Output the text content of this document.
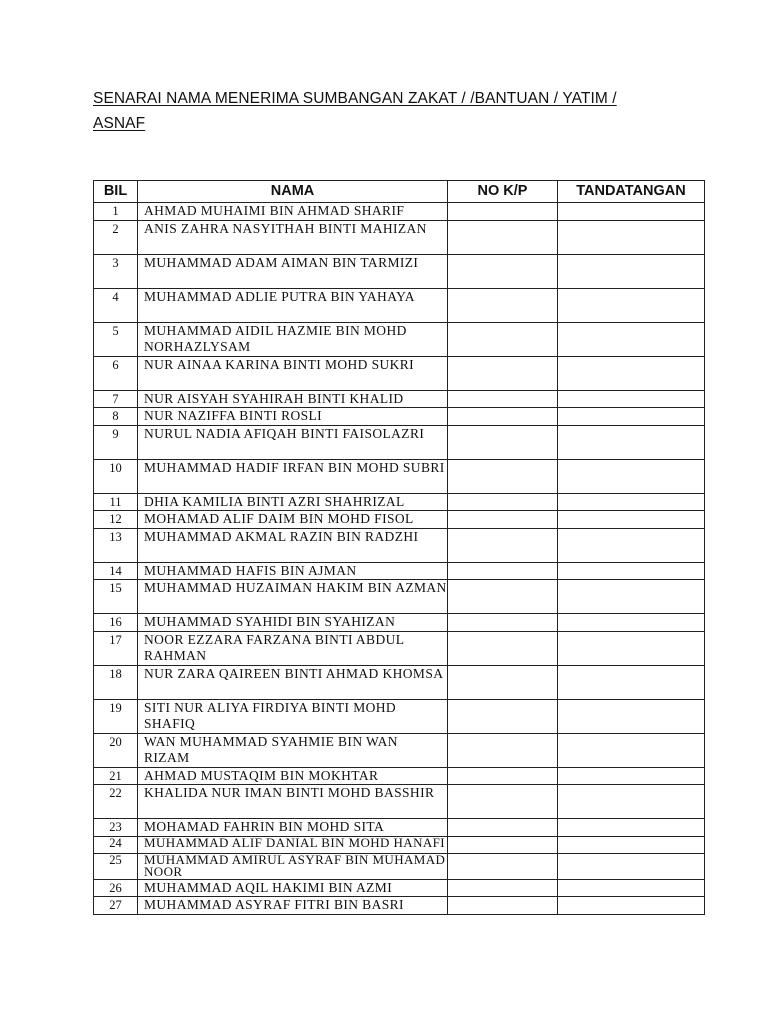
SENARAI NAMA MENERIMA SUMBANGAN ZAKAT / /BANTUAN / YATIM / ASNAF
BIL	NAMA	NO K/P	TANDATANGAN
1	AHMAD MUHAIMI BIN AHMAD SHARIF		
2	ANIS ZAHRA NASYITHAH BINTI MAHIZAN		
3	MUHAMMAD ADAM AIMAN BIN TARMIZI		
4	MUHAMMAD ADLIE PUTRA BIN YAHAYA		
5	MUHAMMAD AIDIL HAZMIE BIN MOHD NORHAZLYSAM		
6	NUR AINAA KARINA BINTI MOHD SUKRI		
7	NUR AISYAH SYAHIRAH BINTI KHALID		
8	NUR NAZIFFA BINTI ROSLI		
9	NURUL NADIA AFIQAH BINTI FAISOLAZRI		
10	MUHAMMAD HADIF IRFAN BIN MOHD SUBRI		
11	DHIA KAMILIA BINTI AZRI SHAHRIZAL		
12	MOHAMAD ALIF DAIM BIN MOHD FISOL		
13	MUHAMMAD AKMAL RAZIN BIN RADZHI		
14	MUHAMMAD HAFIS BIN AJMAN		
15	MUHAMMAD HUZAIMAN HAKIM BIN AZMAN		
16	MUHAMMAD SYAHIDI BIN SYAHIZAN		
17	NOOR EZZARA FARZANA BINTI ABDUL RAHMAN		
18	NUR ZARA QAIREEN BINTI AHMAD KHOMSA		
19	SITI NUR ALIYA FIRDIYA BINTI MOHD SHAFIQ		
20	WAN MUHAMMAD SYAHMIE BIN WAN RIZAM		
21	AHMAD MUSTAQIM BIN MOKHTAR		
22	KHALIDA NUR IMAN BINTI MOHD BASSHIR		
23	MOHAMAD FAHRIN BIN MOHD SITA		
24	MUHAMMAD ALIF DANIAL BIN MOHD HANAFI		
25	MUHAMMAD AMIRUL ASYRAF BIN MUHAMAD NOOR		
26	MUHAMMAD AQIL HAKIMI BIN AZMI		
27	MUHAMMAD ASYRAF FITRI BIN BASRI		
